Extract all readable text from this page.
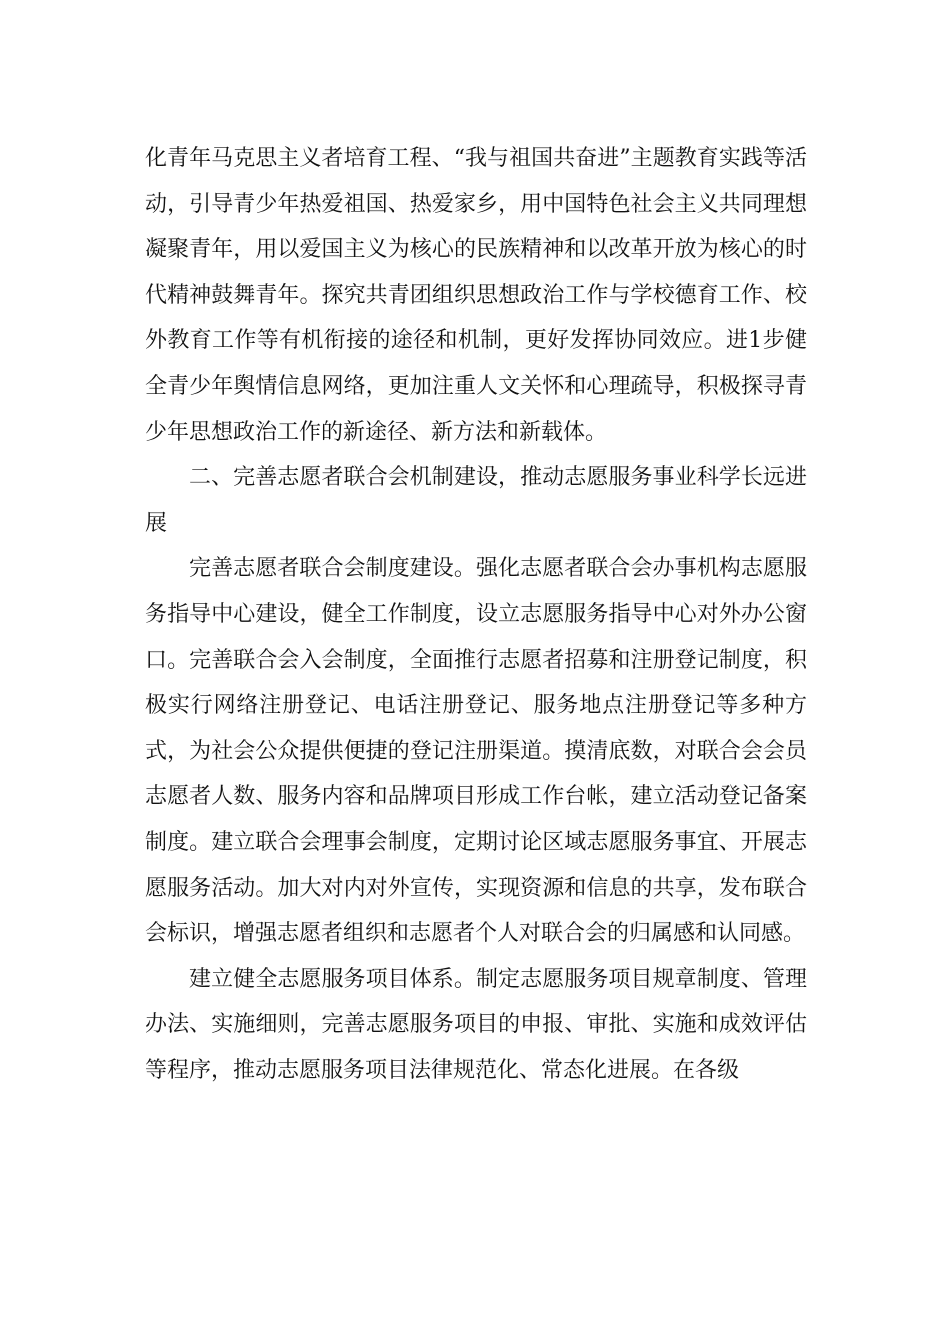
化青年马克思主义者培育工程、“我与祖国共奋进”主题教育实践等活动，引导青少年热爱祖国、热爱家乡，用中国特色社会主义共同理想凝聚青年，用以爱国主义为核心的民族精神和以改革开放为核心的时代精神鼓舞青年。探究共青团组织思想政治工作与学校德育工作、校外教育工作等有机衔接的途径和机制，更好发挥协同效应。进1步健全青少年舆情信息网络，更加注重人文关怀和心理疏导，积极探寻青少年思想政治工作的新途径、新方法和新载体。

二、完善志愿者联合会机制建设，推动志愿服务事业科学长远进展

完善志愿者联合会制度建设。强化志愿者联合会办事机构志愿服务指导中心建设，健全工作制度，设立志愿服务指导中心对外办公窗口。完善联合会入会制度，全面推行志愿者招募和注册登记制度，积极实行网络注册登记、电话注册登记、服务地点注册登记等多种方式，为社会公众提供便捷的登记注册渠道。摸清底数，对联合会会员志愿者人数、服务内容和品牌项目形成工作台帐，建立活动登记备案制度。建立联合会理事会制度，定期讨论区域志愿服务事宜、开展志愿服务活动。加大对内对外宣传，实现资源和信息的共享，发布联合会标识，增强志愿者组织和志愿者个人对联合会的归属感和认同感。

建立健全志愿服务项目体系。制定志愿服务项目规章制度、管理办法、实施细则，完善志愿服务项目的申报、审批、实施和成效评估等程序，推动志愿服务项目法律规范化、常态化进展。在各级
